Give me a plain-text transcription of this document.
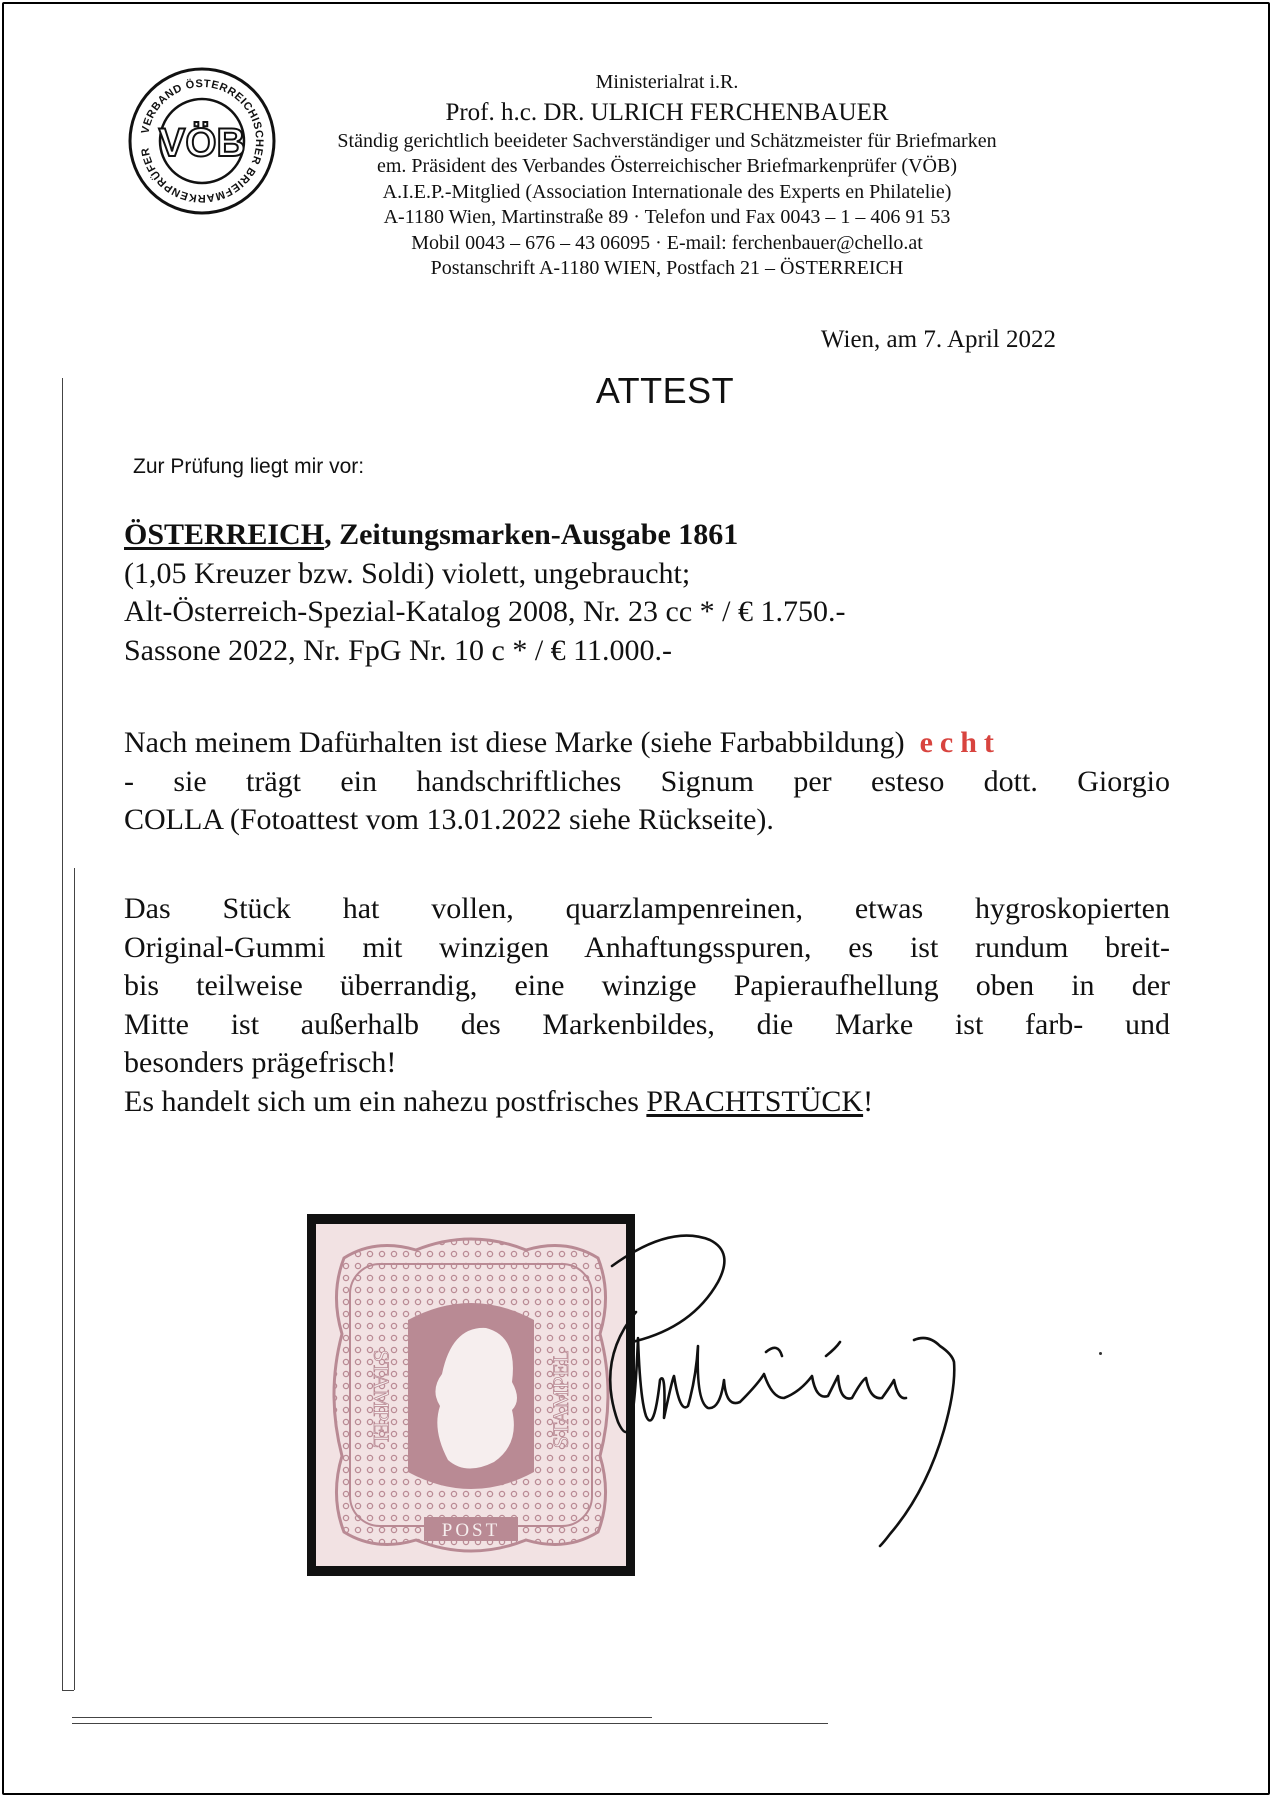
VERBAND ÖSTERREICHISCHER BRIEFMARKENPRÜFER VÖB
Ministerialrat i.R.
Prof. h.c. DR. ULRICH FERCHENBAUER
Ständig gerichtlich beeideter Sachverständiger und Schätzmeister für Briefmarken
em. Präsident des Verbandes Österreichischer Briefmarkenprüfer (VÖB)
A.I.E.P.-Mitglied (Association Internationale des Experts en Philatelie)
A-1180 Wien, Martinstraße 89 · Telefon und Fax 0043 – 1 – 406 91 53
Mobil 0043 – 676 – 43 06095 · E-mail: ferchenbauer@chello.at
Postanschrift A-1180 WIEN, Postfach 21 – ÖSTERREICH
Wien, am 7. April 2022
ATTEST
Zur Prüfung liegt mir vor:
ÖSTERREICH, Zeitungsmarken-Ausgabe 1861
(1,05 Kreuzer bzw. Soldi) violett, ungebraucht;
Alt-Österreich-Spezial-Katalog 2008, Nr. 23 cc * / € 1.750.-
Sassone 2022, Nr. FpG Nr. 10 c * / € 11.000.-
Nach meinem Dafürhalten ist diese Marke (siehe Farbabbildung) echt
- sie trägt ein handschriftliches Signum per esteso dott. Giorgio
COLLA (Fotoattest vom 13.01.2022 siehe Rückseite).
Das Stück hat vollen, quarzlampenreinen, etwas hygroskopierten
Original-Gummi mit winzigen Anhaftungsspuren, es ist rundum breit-
bis teilweise überrandig, eine winzige Papieraufhellung oben in der
Mitte ist außerhalb des Markenbildes, die Marke ist farb- und
besonders prägefrisch!
Es handelt sich um ein nahezu postfrisches PRACHTSTÜCK!
STAMPEL	STAMPEL
POST
